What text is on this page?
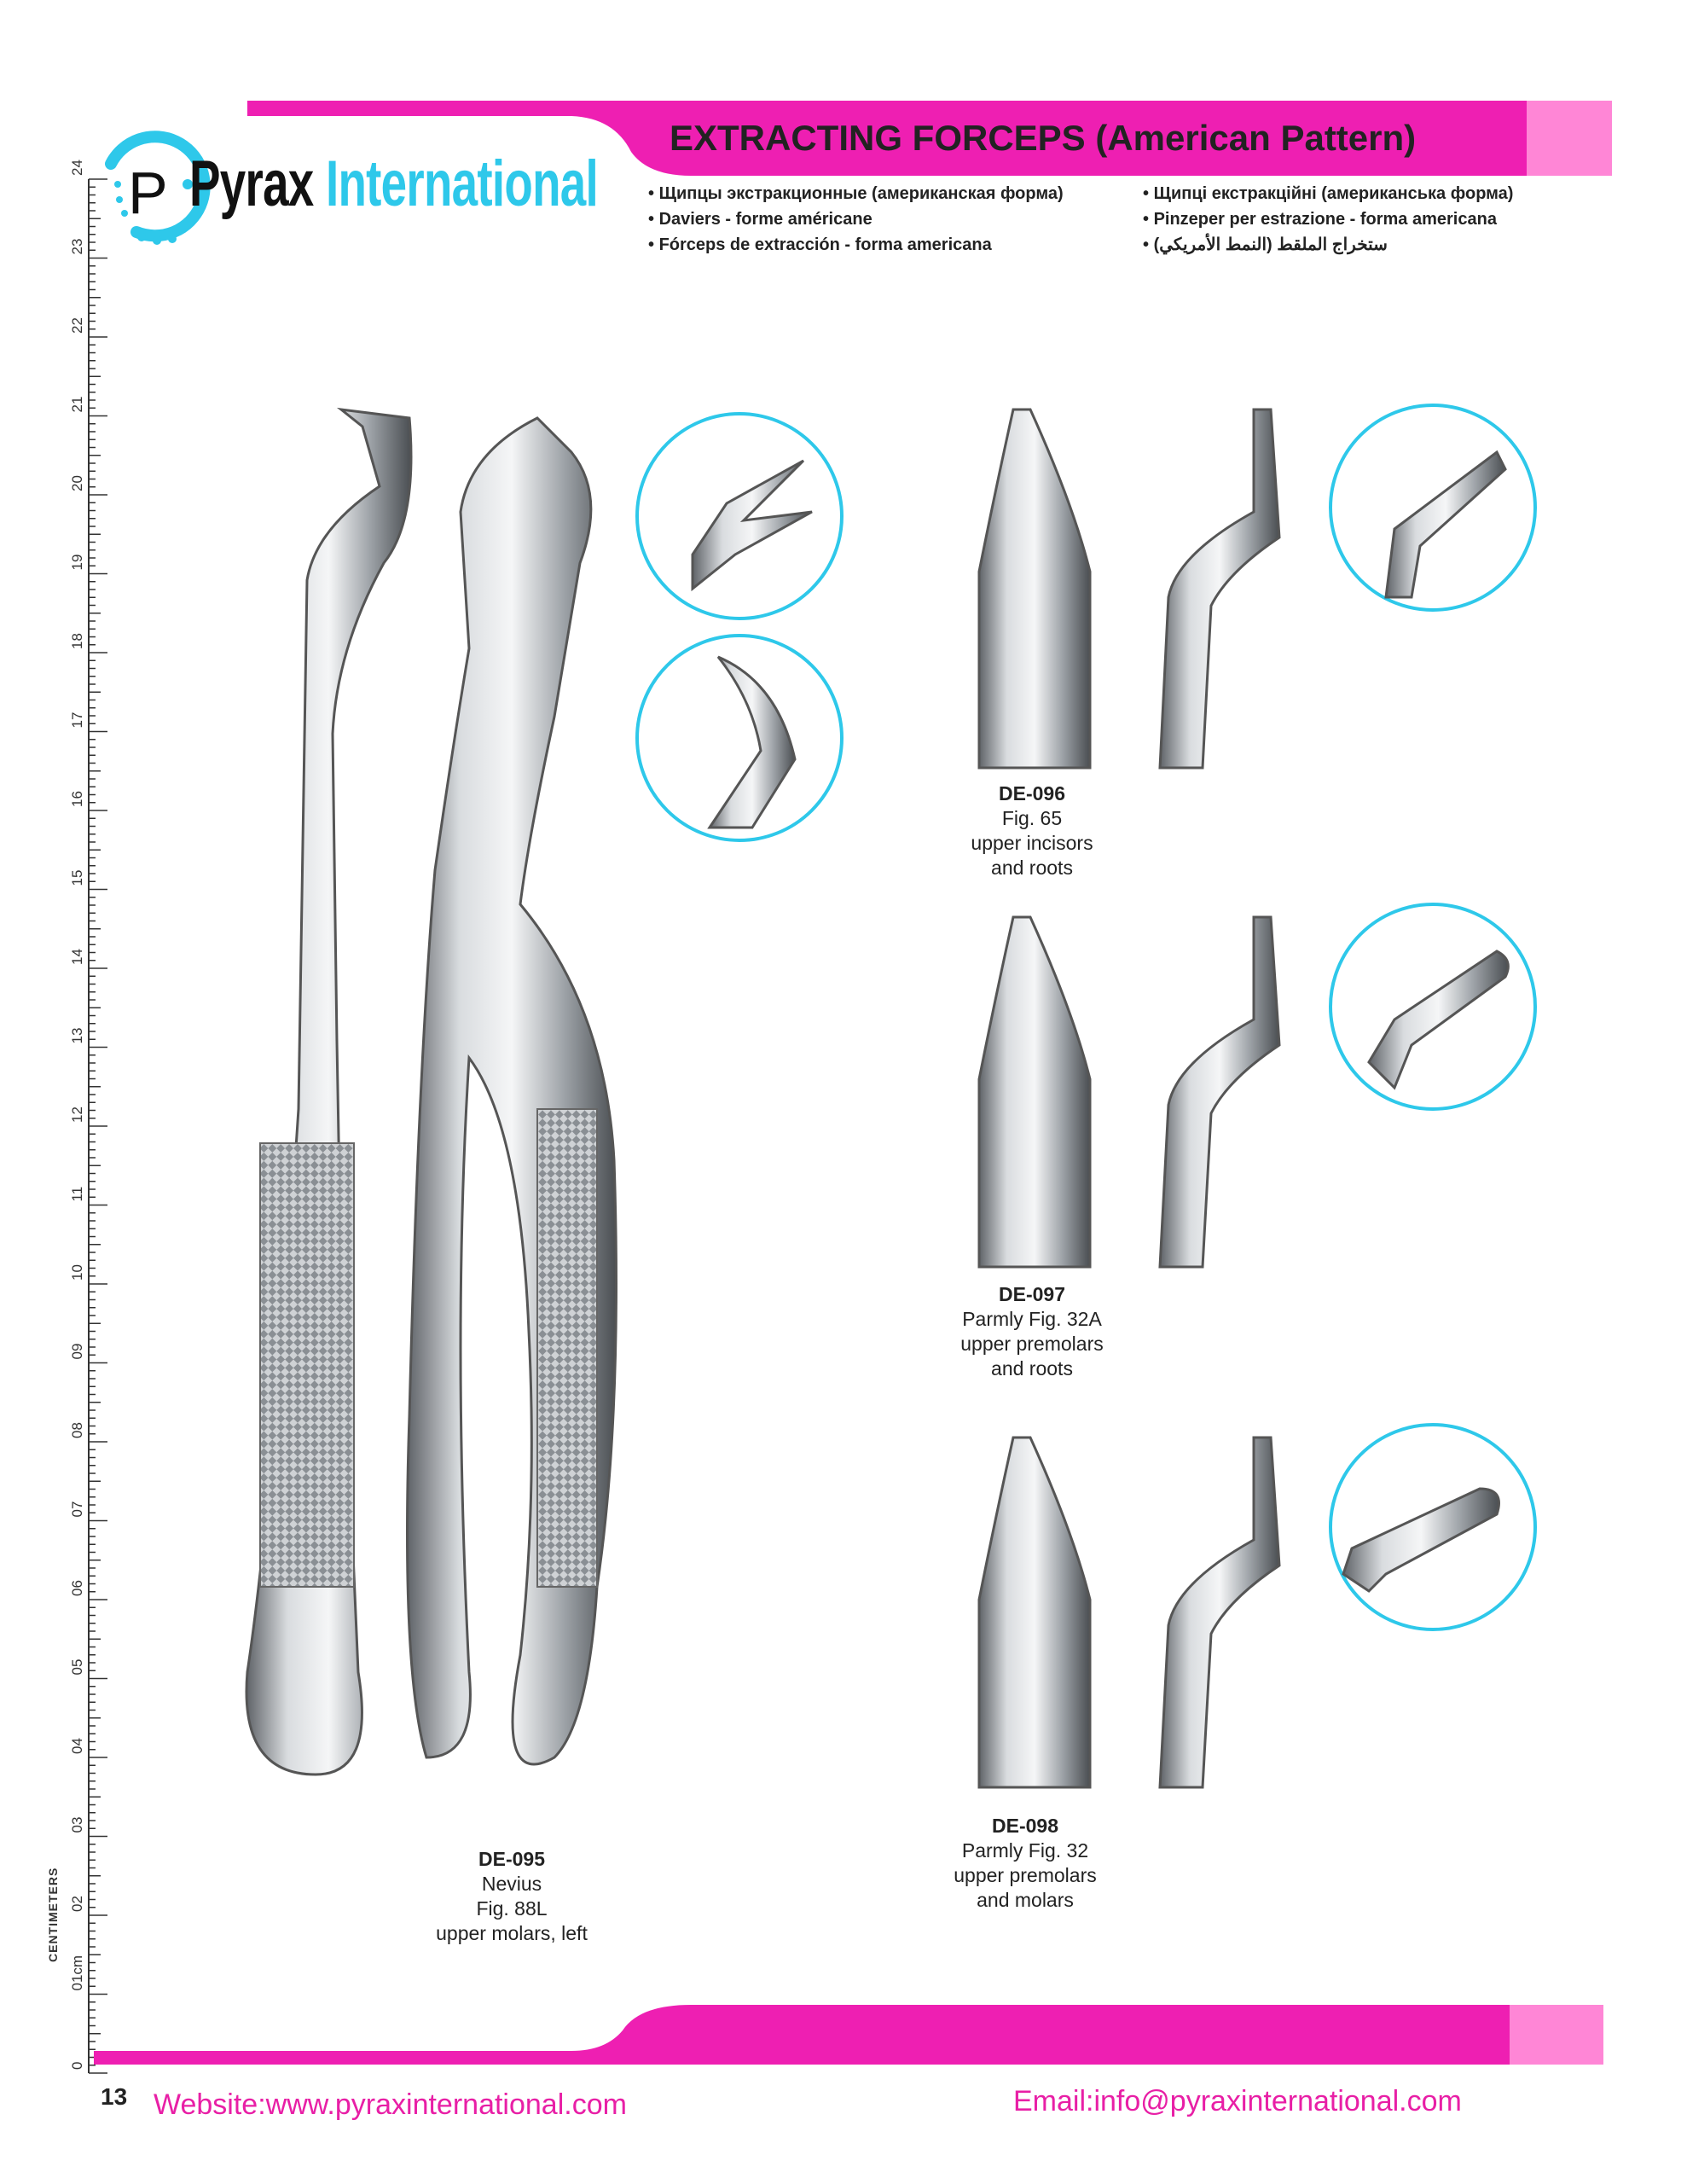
0
01cm
02
03
04
05
06
07
08
09
10
11
12
13
14
15
16
17
18
19
20
21
22
23
24
CENTIMETERS
EXTRACTING FORCEPS (American Pattern)
P Pyrax International
•	Щипцы экстракционные (американская форма)
• Daviers - forme américane
• Fórceps de extracción - forma americana
• Щипці екстракційні (американська форма)
• Pinzeper per estrazione - forma americana
• ستخراج الملقط (النمط الأمريكي)
DE-095
Nevius
Fig. 88L
upper molars, left
DE-096
Fig. 65
upper incisors
and roots
DE-097
Parmly Fig. 32A
upper premolars
and roots
DE-098
Parmly Fig. 32
upper premolars
and molars
13 Website:www.pyraxinternational.com	Email:info@pyraxinternational.com
